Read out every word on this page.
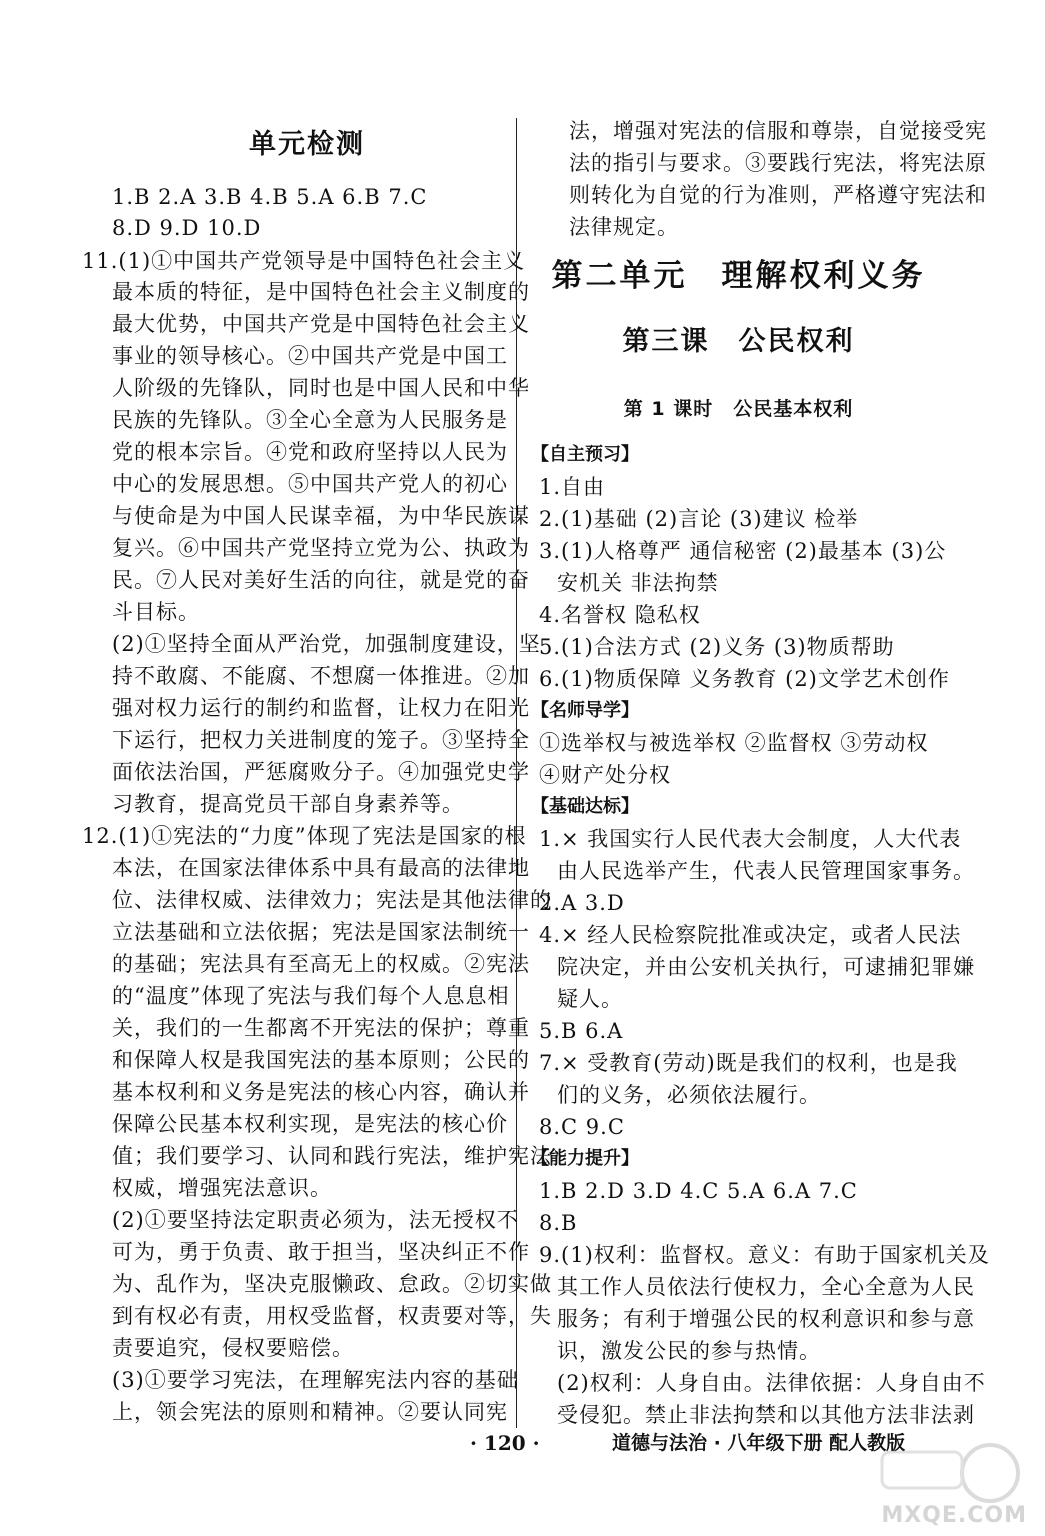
单元检测
1.B 2.A 3.B 4.B 5.A 6.B 7.C
8.D 9.D 10.D
11.(1)①中国共产党领导是中国特色社会主义
最本质的特征，是中国特色社会主义制度的
最大优势，中国共产党是中国特色社会主义
事业的领导核心。②中国共产党是中国工
人阶级的先锋队，同时也是中国人民和中华
民族的先锋队。③全心全意为人民服务是
党的根本宗旨。④党和政府坚持以人民为
中心的发展思想。⑤中国共产党人的初心
与使命是为中国人民谋幸福，为中华民族谋
复兴。⑥中国共产党坚持立党为公、执政为
民。⑦人民对美好生活的向往，就是党的奋
斗目标。
(2)①坚持全面从严治党，加强制度建设，坚
持不敢腐、不能腐、不想腐一体推进。②加
强对权力运行的制约和监督，让权力在阳光
下运行，把权力关进制度的笼子。③坚持全
面依法治国，严惩腐败分子。④加强党史学
习教育，提高党员干部自身素养等。
12.(1)①宪法的“力度”体现了宪法是国家的根
本法，在国家法律体系中具有最高的法律地
位、法律权威、法律效力；宪法是其他法律的
立法基础和立法依据；宪法是国家法制统一
的基础；宪法具有至高无上的权威。②宪法
的“温度”体现了宪法与我们每个人息息相
关，我们的一生都离不开宪法的保护；尊重
和保障人权是我国宪法的基本原则；公民的
基本权利和义务是宪法的核心内容，确认并
保障公民基本权利实现，是宪法的核心价
值；我们要学习、认同和践行宪法，维护宪法
权威，增强宪法意识。
(2)①要坚持法定职责必须为，法无授权不
可为，勇于负责、敢于担当，坚决纠正不作
为、乱作为，坚决克服懒政、怠政。②切实做
到有权必有责，用权受监督，权责要对等，失
责要追究，侵权要赔偿。
(3)①要学习宪法，在理解宪法内容的基础
上，领会宪法的原则和精神。②要认同宪
法，增强对宪法的信服和尊崇，自觉接受宪
法的指引与要求。③要践行宪法，将宪法原
则转化为自觉的行为准则，严格遵守宪法和
法律规定。
第二单元　理解权利义务
第三课　公民权利
第 1 课时　公民基本权利
【自主预习】
1.自由
2.(1)基础 (2)言论 (3)建议 检举
3.(1)人格尊严 通信秘密 (2)最基本 (3)公
安机关 非法拘禁
4.名誉权 隐私权
5.(1)合法方式 (2)义务 (3)物质帮助
6.(1)物质保障 义务教育 (2)文学艺术创作
【名师导学】
①选举权与被选举权 ②监督权 ③劳动权
④财产处分权
【基础达标】
1.× 我国实行人民代表大会制度，人大代表
由人民选举产生，代表人民管理国家事务。
2.A 3.D
4.× 经人民检察院批准或决定，或者人民法
院决定，并由公安机关执行，可逮捕犯罪嫌
疑人。
5.B 6.A
7.× 受教育(劳动)既是我们的权利，也是我
们的义务，必须依法履行。
8.C 9.C
【能力提升】
1.B 2.D 3.D 4.C 5.A 6.A 7.C
8.B
9.(1)权利：监督权。意义：有助于国家机关及
其工作人员依法行使权力，全心全意为人民
服务；有利于增强公民的权利意识和参与意
识，激发公民的参与热情。
(2)权利：人身自由。法律依据：人身自由不
受侵犯。禁止非法拘禁和以其他方法非法剥
· 120 ·	道德与法治 · 八年级下册 配人教版
MXQE.COM
